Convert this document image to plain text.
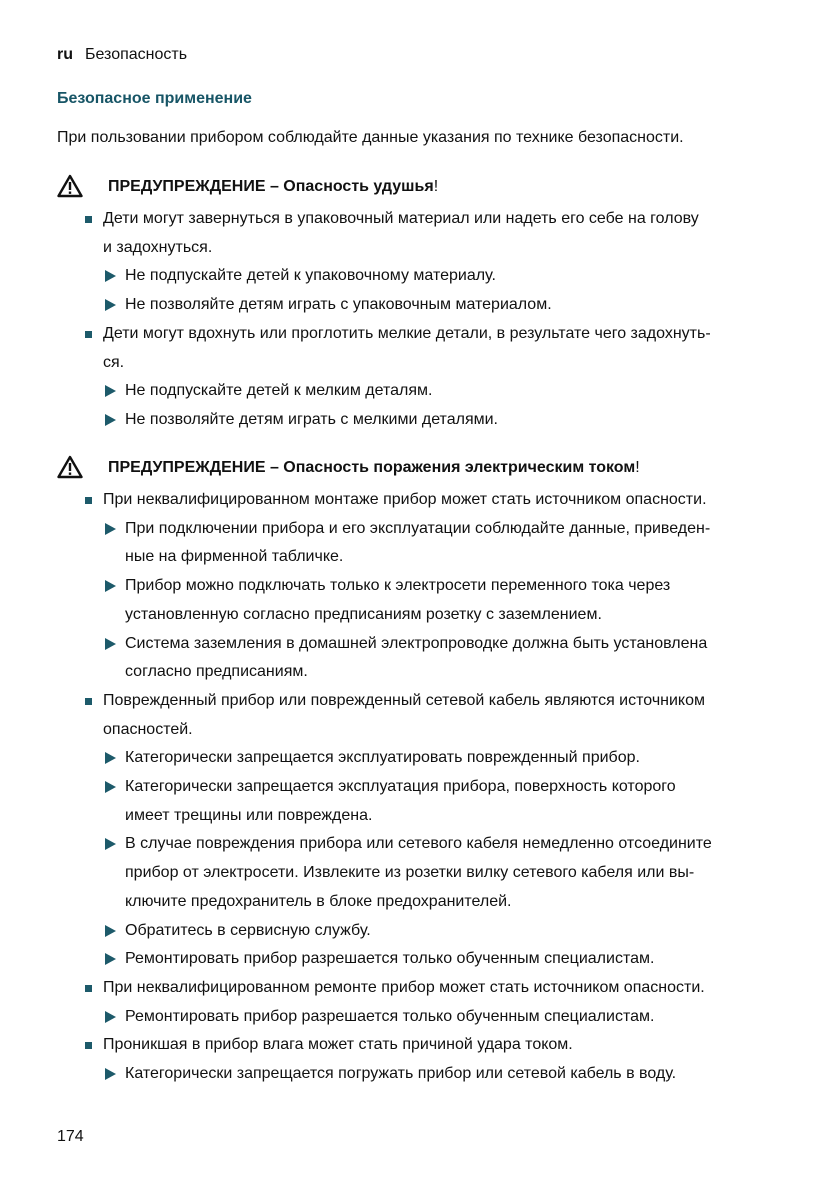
ru Безопасность
Безопасное применение
При пользовании прибором соблюдайте данные указания по технике безопасности.
ПРЕДУПРЕЖДЕНИЕ – Опасность удушья!
Дети могут завернуться в упаковочный материал или надеть его себе на голову
и задохнуться.
Не подпускайте детей к упаковочному материалу.
Не позволяйте детям играть с упаковочным материалом.
Дети могут вдохнуть или проглотить мелкие детали, в результате чего задохнуть-
ся.
Не подпускайте детей к мелким деталям.
Не позволяйте детям играть с мелкими деталями.
ПРЕДУПРЕЖДЕНИЕ – Опасность поражения электрическим током!
При неквалифицированном монтаже прибор может стать источником опасности.
При подключении прибора и его эксплуатации соблюдайте данные, приведен-
ные на фирменной табличке.
Прибор можно подключать только к электросети переменного тока через
установленную согласно предписаниям розетку с заземлением.
Система заземления в домашней электропроводке должна быть установлена
согласно предписаниям.
Поврежденный прибор или поврежденный сетевой кабель являются источником
опасностей.
Категорически запрещается эксплуатировать поврежденный прибор.
Категорически запрещается эксплуатация прибора, поверхность которого
имеет трещины или повреждена.
В случае повреждения прибора или сетевого кабеля немедленно отсоедините
прибор от электросети. Извлеките из розетки вилку сетевого кабеля или вы-
ключите предохранитель в блоке предохранителей.
Обратитесь в сервисную службу.
Ремонтировать прибор разрешается только обученным специалистам.
При неквалифицированном ремонте прибор может стать источником опасности.
Ремонтировать прибор разрешается только обученным специалистам.
Проникшая в прибор влага может стать причиной удара током.
Категорически запрещается погружать прибор или сетевой кабель в воду.
174
